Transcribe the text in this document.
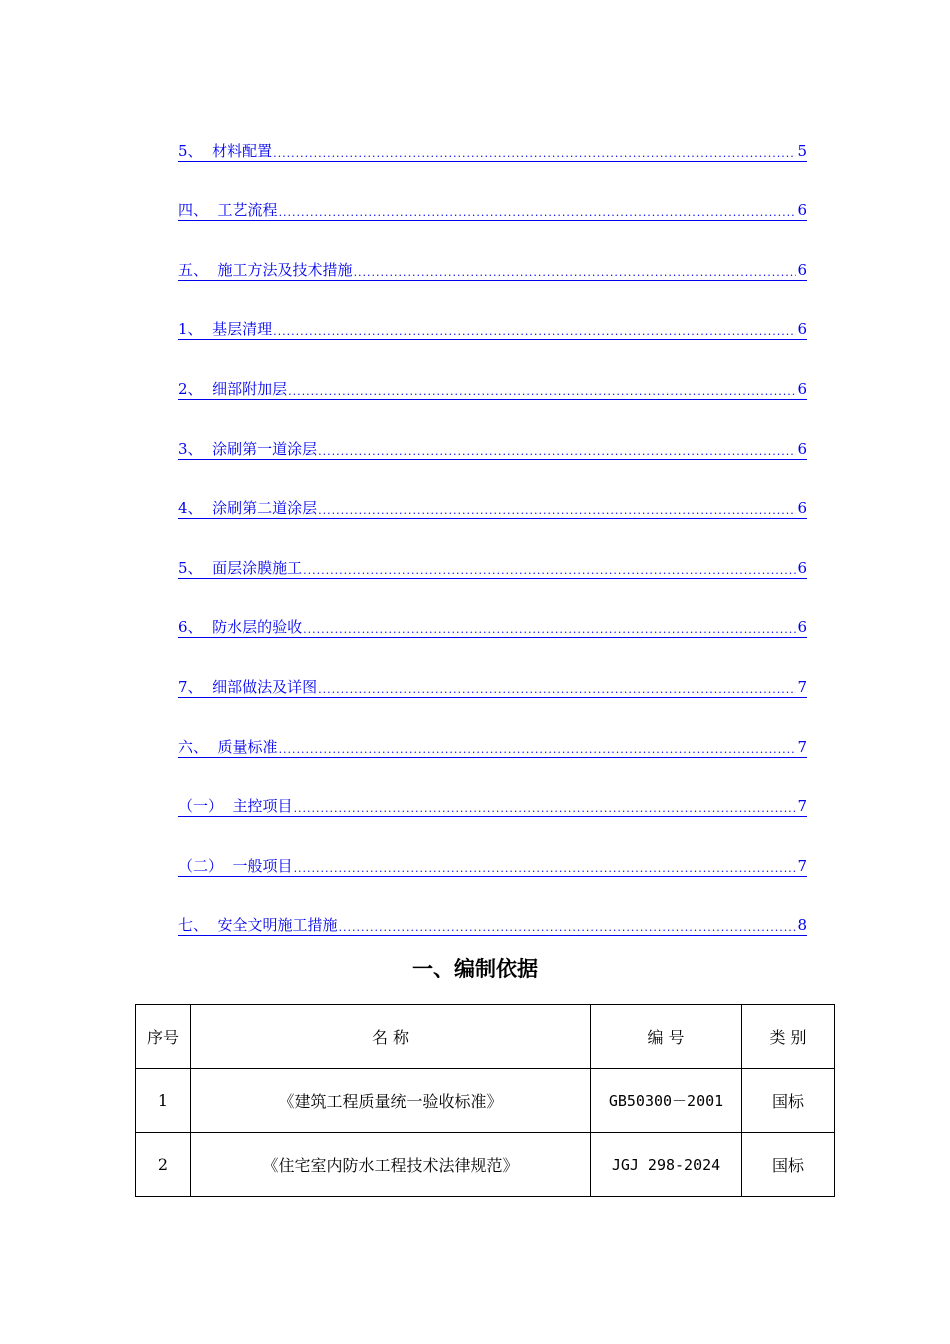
5、 材料配置 .....	5
四、 工艺流程 .....	6
五、 施工方法及技术措施 .....	6
1、 基层清理 .....	6
2、 细部附加层 .....	6
3、 涂刷第一道涂层 .....	6
4、 涂刷第二道涂层 .....	6
5、 面层涂膜施工 .....	6
6、 防水层的验收 .....	6
7、 细部做法及详图 .....	7
六、 质量标准 .....	7
（一） 主控项目 .....	7
（二） 一般项目 .....	7
七、 安全文明施工措施 .....	8
一、编制依据
序号	名 称	编 号	类 别
1	《建筑工程质量统一验收标准》	GB50300－2001	国标
2	《住宅室内防水工程技术法律规范》	JGJ 298-2024	国标
